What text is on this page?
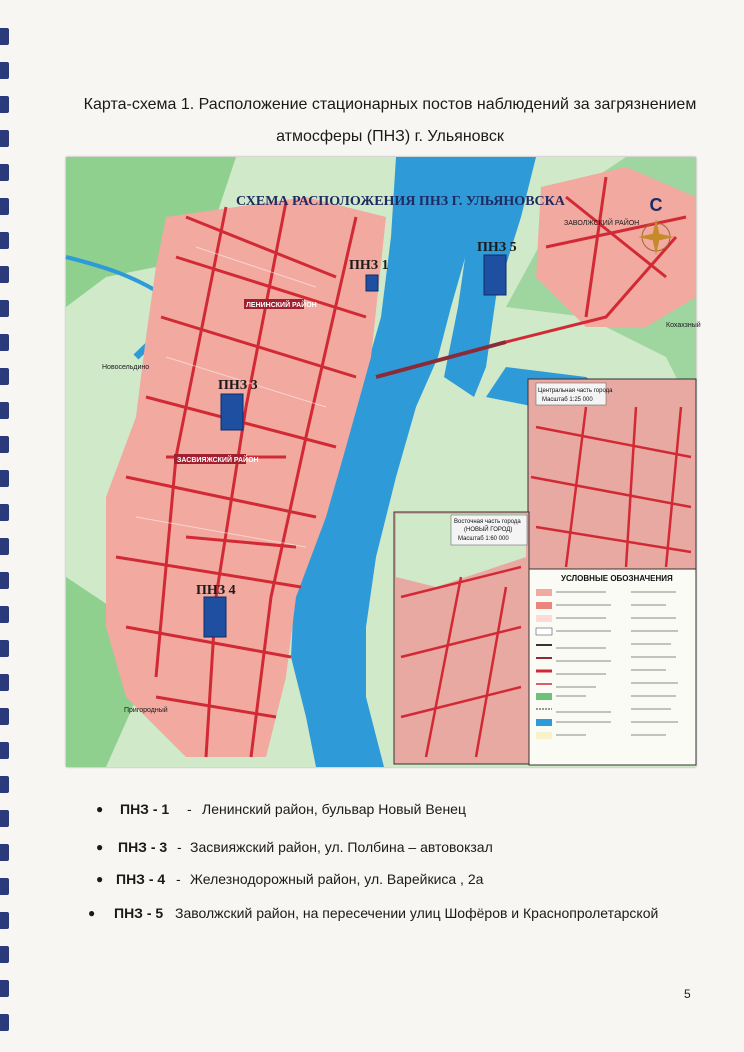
Карта-схема 1. Расположение стационарных постов наблюдений за загрязнением
атмосферы (ПНЗ) г. Ульяновск
СХЕМА РАСПОЛОЖЕНИЯ ПНЗ Г. УЛЬЯНОВСКА	С
ЗАСВИЯЖСКИЙ РАЙОН
ЛЕНИНСКИЙ РАЙОН
ЗАВОЛЖСКИЙ РАЙОН
Пригородный
Кохахзный
Новосельдино
Центральная часть города
Масштаб 1:25 000
Восточная часть города
(НОВЫЙ ГОРОД)
Масштаб 1:60 000
УСЛОВНЫЕ ОБОЗНАЧЕНИЯ
ПНЗ 1
ПНЗ 3
ПНЗ 4
ПНЗ 5
● ПНЗ - 1 - Ленинский район, бульвар Новый Венец
● ПНЗ - 3 - Засвияжский район, ул. Полбина – автовокзал
● ПНЗ - 4 - Железнодорожный район, ул. Варейкиса , 2а
● ПНЗ - 5 Заволжский район, на пересечении улиц Шофёров и Краснопролетарской
5
